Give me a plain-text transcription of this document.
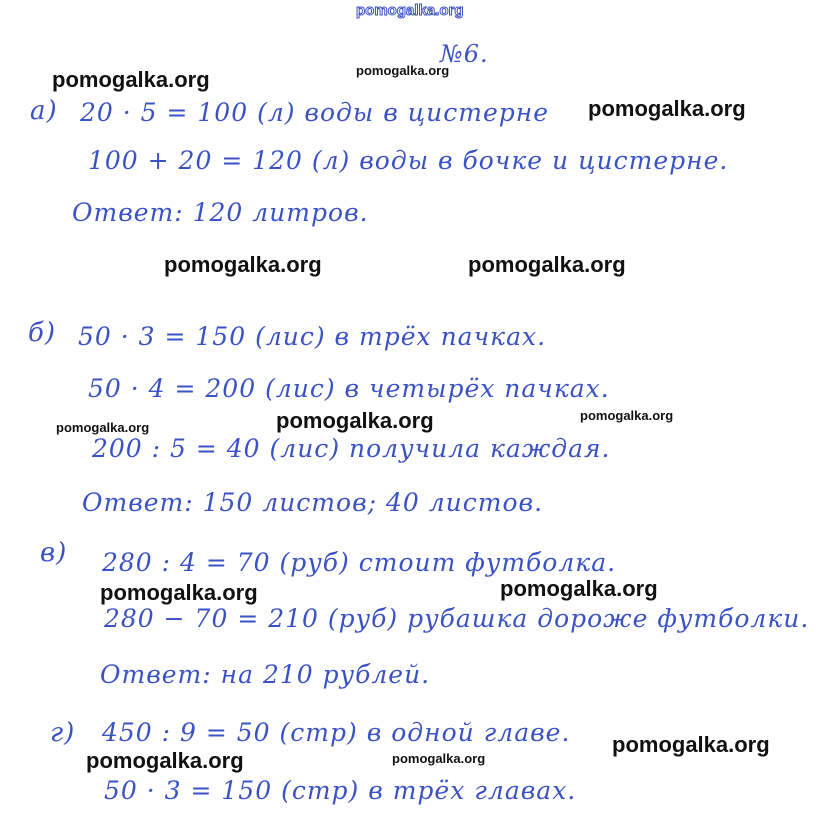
pomogalka.org
№6.
а) 20 · 5 = 100 (л) воды в цистерне
100 + 20 = 120 (л) воды в бочке и цистерне.
Ответ: 120 литров.
б) 50 · 3 = 150 (лис) в трёх пачках.
50 · 4 = 200 (лис) в четырёх пачках.
200 : 5 = 40 (лис) получила каждая.
Ответ: 150 листов; 40 листов.
в) 280 : 4 = 70 (руб) стоит футболка.
280 − 70 = 210 (руб) рубашка дороже футболки.
Ответ: на 210 рублей.
г) 450 : 9 = 50 (стр) в одной главе.
50 · 3 = 150 (стр) в трёх главах.
pomogalka.org	pomogalka.org
pomogalka.org
pomogalka.org	pomogalka.org
pomogalka.org
pomogalka.org
pomogalka.org
pomogalka.org	pomogalka.org
pomogalka.org
pomogalka.org	pomogalka.org
